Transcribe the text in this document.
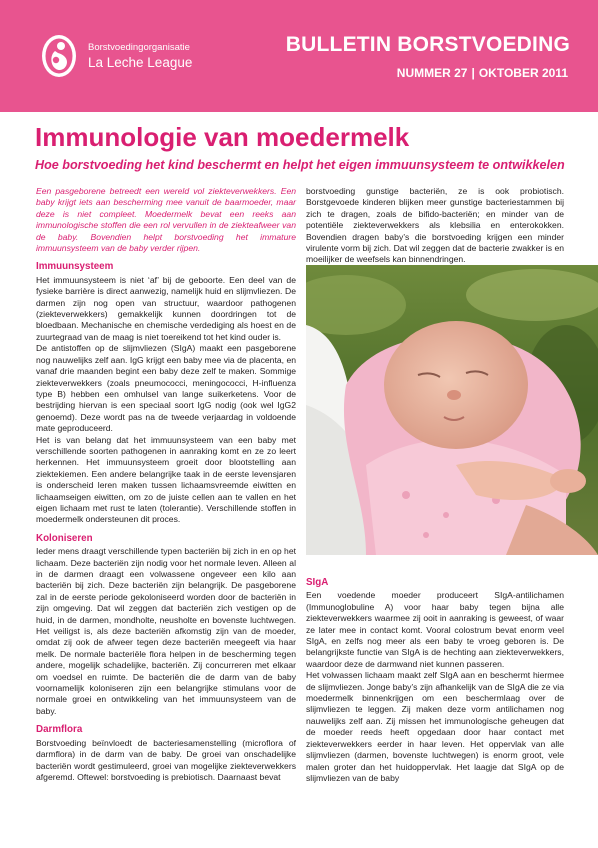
Borstvoedingorganisatie
La Leche League
BULLETIN BORSTVOEDING
NUMMER 27 | OKTOBER 2011
Immunologie van moedermelk
Hoe borstvoeding het kind beschermt en helpt het eigen immuunsysteem te ontwikkelen

Een pasgeborene betreedt een wereld vol ziekteverwekkers. Een baby krijgt iets aan bescherming mee vanuit de baarmoeder, maar deze is niet compleet. Moedermelk bevat een reeks aan immunologische stoffen die een rol vervullen in de ziekteafweer van de baby. Bovendien helpt borstvoeding het immature immuunsysteem van de baby verder rijpen.

Immuunsysteem

Het immuunsysteem is niet ‘af’ bij de geboorte. Een deel van de fysieke barrière is direct aanwezig, namelijk huid en slijmvliezen. De darmen zijn nog open van structuur, waardoor pathogenen (ziekteverwekkers) gemakkelijk kunnen doordringen tot de bloedbaan. Mechanische en chemische verdediging als hoest en de zuurtegraad van de maag is niet toereikend tot het kind ouder is.

De antistoffen op de slijmvliezen (SIgA) maakt een pasgeborene nog nauwelijks zelf aan. IgG krijgt een baby mee via de placenta, en vanaf drie maanden begint een baby deze zelf te maken. Sommige ziekteverwekkers (zoals pneumococci, meningococci, H-influenza type B) hebben een omhulsel van lange suikerketens. Voor de bestrijding hiervan is een speciaal soort IgG nodig (ook wel IgG2 genoemd). Deze wordt pas na de tweede verjaardag in voldoende mate geproduceerd.

Het is van belang dat het immuunsysteem van een baby met verschillende soorten pathogenen in aanraking komt en ze zo leert herkennen. Het immuunsysteem groeit door blootstelling aan ziektekiemen. Een andere belangrijke taak in de eerste levensjaren is onderscheid leren maken tussen lichaamsvreemde eiwitten en lichaamseigen eiwitten, om zo de juiste cellen aan te vallen en het eigen lichaam met rust te laten (tolerantie). Verschillende stoffen in moedermelk ondersteunen dit proces.

Koloniseren

Ieder mens draagt verschillende typen bacteriën bij zich in en op het lichaam. Deze bacteriën zijn nodig voor het normale leven. Alleen al in de darmen draagt een volwassene ongeveer een kilo aan bacteriën bij zich. Deze bacteriën zijn belangrijk. De pasgeborene zal in de eerste periode gekoloniseerd worden door de bacteriën in zijn omgeving. Dat wil zeggen dat bacteriën zich vestigen op de huid, in de darmen, mondholte, neusholte en bovenste luchtwegen. Het veiligst is, als deze bacteriën afkomstig zijn van de moeder, omdat zij ook de afweer tegen deze bacteriën meegeeft via haar melk. De normale bacteriële flora helpen in de bescherming tegen andere, mogelijk schadelijke, bacteriën. Zij concurreren met elkaar om voedsel en ruimte. De bacteriën die de darm van de baby voornamelijk koloniseren zijn een belangrijke stimulans voor de normale groei en ontwikkeling van het immuunsysteem van de baby.

Darmflora

Borstvoeding beïnvloedt de bacteriesamenstelling (microflora of darmflora) in de darm van de baby. De groei van onschadelijke bacteriën wordt gestimuleerd, groei van mogelijke ziekteverwekkers afgeremd. Oftewel: borstvoeding is prebiotisch. Daarnaast bevat

borstvoeding gunstige bacteriën, ze is ook probiotisch. Borstgevoede kinderen blijken meer gunstige bacteriestammen bij zich te dragen, zoals de bifido-bacteriën; en minder van de potentiële ziekteverwekkers als klebsilia en enterokokken. Bovendien dragen baby’s die borstvoeding krijgen een minder virulente vorm bij zich. Dat wil zeggen dat de bacterie zwakker is en moeilijker de weefsels kan binnendringen.

SIgA

Een voedende moeder produceert SIgA-antilichamen (Immunoglobuline A) voor haar baby tegen bijna alle ziekteverwekkers waarmee zij ooit in aanraking is geweest, of waar ze later mee in contact komt. Vooral colostrum bevat enorm veel SIgA, en zelfs nog meer als een baby te vroeg geboren is. De belangrijkste functie van SIgA is de hechting aan ziekteverwekkers, waardoor deze de darmwand niet kunnen passeren.

Het volwassen lichaam maakt zelf SIgA aan en beschermt hiermee de slijmvliezen. Jonge baby’s zijn afhankelijk van de SIgA die ze via moedermelk binnenkrijgen om een beschermlaag over de slijmvliezen te leggen. Zij maken deze vorm antilichamen nog nauwelijks zelf aan. Zij missen het immunologische geheugen dat de moeder reeds heeft opgedaan door haar contact met ziekteverwekkers eerder in haar leven. Het oppervlak van alle slijmvliezen (darmen, bovenste luchtwegen) is enorm groot, vele malen groter dan het huidoppervlak. Het laagje dat SIgA op de slijmvliezen van de baby
